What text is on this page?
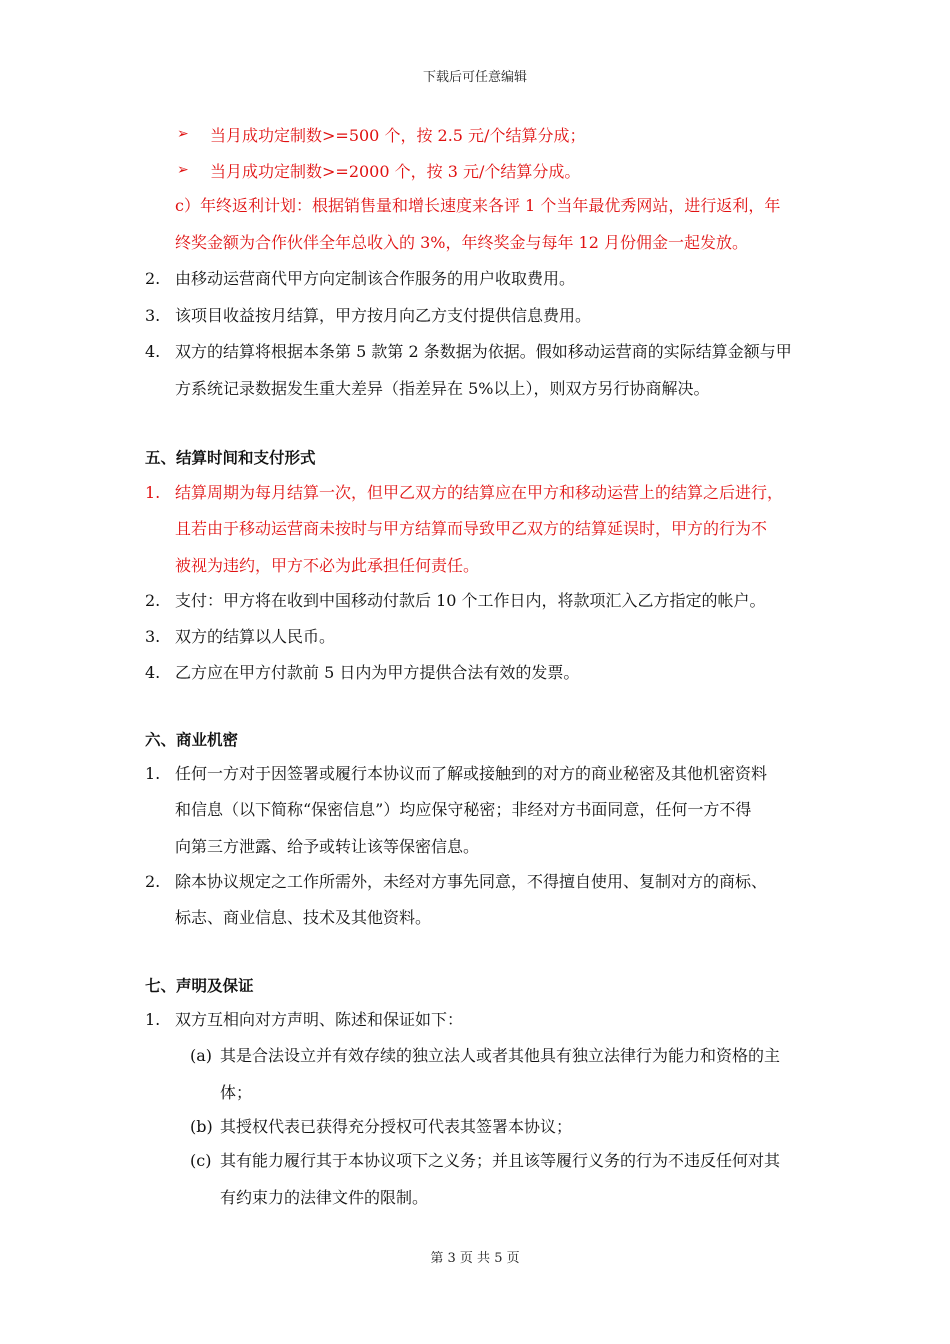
下载后可任意编辑
➢ 当月成功定制数>=500 个，按 2.5 元/个结算分成；
➢ 当月成功定制数>=2000 个，按 3 元/个结算分成。
c）年终返利计划：根据销售量和增长速度来各评 1 个当年最优秀网站，进行返利，年
终奖金额为合作伙伴全年总收入的 3%，年终奖金与每年 12 月份佣金一起发放。
2. 由移动运营商代甲方向定制该合作服务的用户收取费用。
3. 该项目收益按月结算，甲方按月向乙方支付提供信息费用。
4. 双方的结算将根据本条第 5 款第 2 条数据为依据。假如移动运营商的实际结算金额与甲
方系统记录数据发生重大差异（指差异在 5%以上），则双方另行协商解决。
五、结算时间和支付形式
1. 结算周期为每月结算一次，但甲乙双方的结算应在甲方和移动运营上的结算之后进行，
且若由于移动运营商未按时与甲方结算而导致甲乙双方的结算延误时，甲方的行为不
被视为违约，甲方不必为此承担任何责任。
2. 支付：甲方将在收到中国移动付款后 10 个工作日内，将款项汇入乙方指定的帐户。
3. 双方的结算以人民币。
4. 乙方应在甲方付款前 5 日内为甲方提供合法有效的发票。
六、商业机密
1. 任何一方对于因签署或履行本协议而了解或接触到的对方的商业秘密及其他机密资料
和信息（以下简称“保密信息”）均应保守秘密；非经对方书面同意，任何一方不得
向第三方泄露、给予或转让该等保密信息。
2. 除本协议规定之工作所需外，未经对方事先同意，不得擅自使用、复制对方的商标、
标志、商业信息、技术及其他资料。
七、声明及保证
1. 双方互相向对方声明、陈述和保证如下：
(a) 其是合法设立并有效存续的独立法人或者其他具有独立法律行为能力和资格的主
体；
(b) 其授权代表已获得充分授权可代表其签署本协议；
(c) 其有能力履行其于本协议项下之义务；并且该等履行义务的行为不违反任何对其
有约束力的法律文件的限制。
第 3 页 共 5 页
